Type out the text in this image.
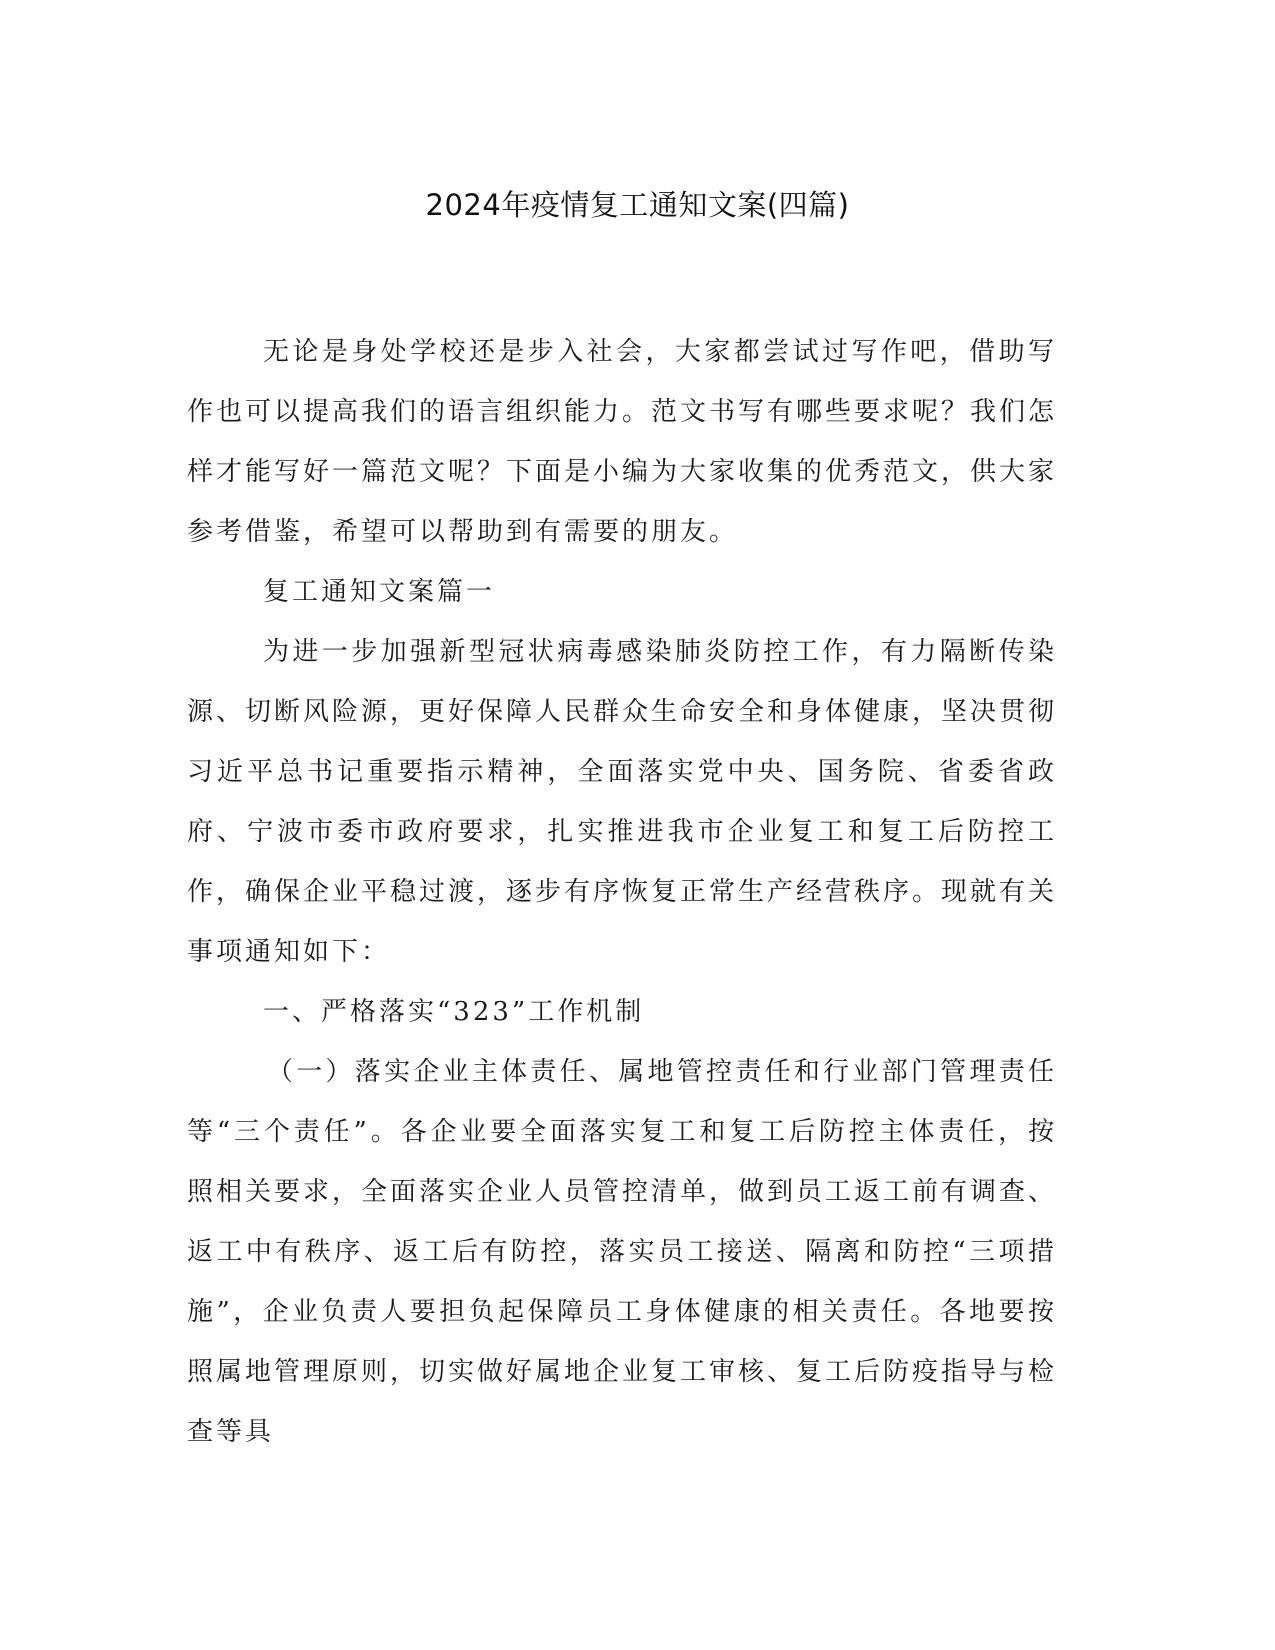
2024年疫情复工通知文案(四篇)

无论是身处学校还是步入社会，大家都尝试过写作吧，借助写作也可以提高我们的语言组织能力。范文书写有哪些要求呢？我们怎样才能写好一篇范文呢？下面是小编为大家收集的优秀范文，供大家参考借鉴，希望可以帮助到有需要的朋友。

复工通知文案篇一

为进一步加强新型冠状病毒感染肺炎防控工作，有力隔断传染源、切断风险源，更好保障人民群众生命安全和身体健康，坚决贯彻习近平总书记重要指示精神，全面落实党中央、国务院、省委省政府、宁波市委市政府要求，扎实推进我市企业复工和复工后防控工作，确保企业平稳过渡，逐步有序恢复正常生产经营秩序。现就有关事项通知如下：

一、严格落实“323”工作机制

（一）落实企业主体责任、属地管控责任和行业部门管理责任等“三个责任”。各企业要全面落实复工和复工后防控主体责任，按照相关要求，全面落实企业人员管控清单，做到员工返工前有调查、返工中有秩序、返工后有防控，落实员工接送、隔离和防控“三项措施”，企业负责人要担负起保障员工身体健康的相关责任。各地要按照属地管理原则，切实做好属地企业复工审核、复工后防疫指导与检查等具
